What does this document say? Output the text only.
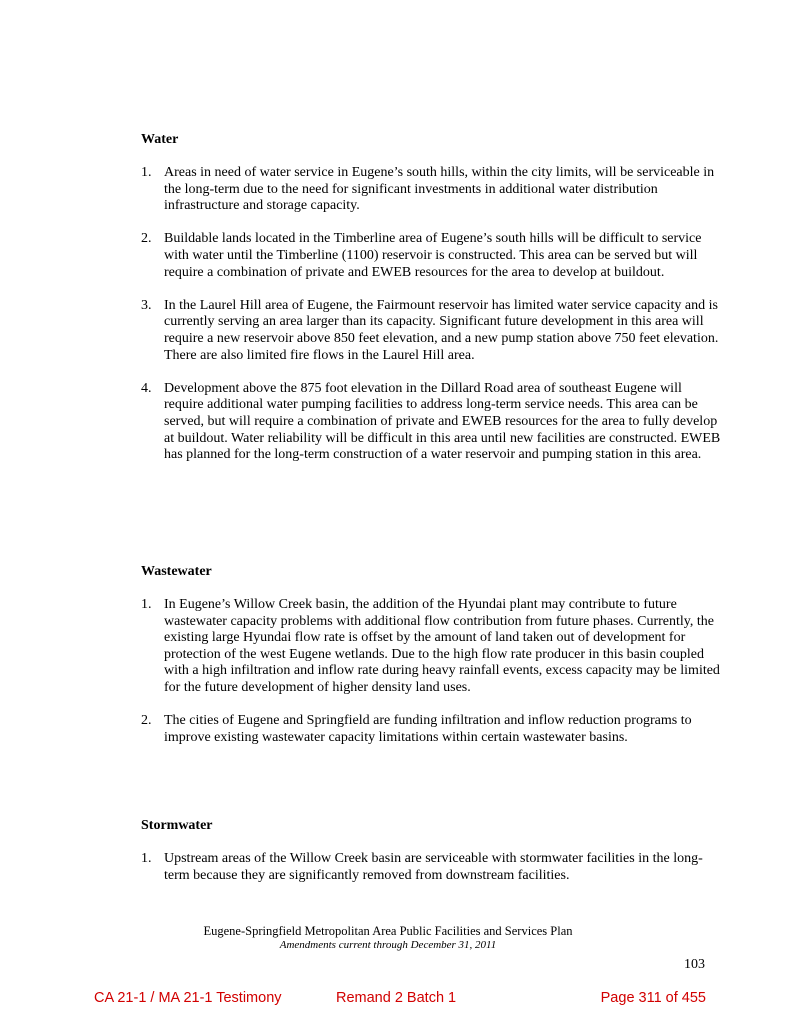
Water
1. Areas in need of water service in Eugene’s south hills, within the city limits, will be serviceable in the long-term due to the need for significant investments in additional water distribution infrastructure and storage capacity.
2. Buildable lands located in the Timberline area of Eugene’s south hills will be difficult to service with water until the Timberline (1100) reservoir is constructed. This area can be served but will require a combination of private and EWEB resources for the area to develop at buildout.
3. In the Laurel Hill area of Eugene, the Fairmount reservoir has limited water service capacity and is currently serving an area larger than its capacity. Significant future development in this area will require a new reservoir above 850 feet elevation, and a new pump station above 750 feet elevation. There are also limited fire flows in the Laurel Hill area.
4. Development above the 875 foot elevation in the Dillard Road area of southeast Eugene will require additional water pumping facilities to address long-term service needs. This area can be served, but will require a combination of private and EWEB resources for the area to fully develop at buildout. Water reliability will be difficult in this area until new facilities are constructed. EWEB has planned for the long-term construction of a water reservoir and pumping station in this area.
Wastewater
1. In Eugene’s Willow Creek basin, the addition of the Hyundai plant may contribute to future wastewater capacity problems with additional flow contribution from future phases. Currently, the existing large Hyundai flow rate is offset by the amount of land taken out of development for protection of the west Eugene wetlands. Due to the high flow rate producer in this basin coupled with a high infiltration and inflow rate during heavy rainfall events, excess capacity may be limited for the future development of higher density land uses.
2. The cities of Eugene and Springfield are funding infiltration and inflow reduction programs to improve existing wastewater capacity limitations within certain wastewater basins.
Stormwater
1. Upstream areas of the Willow Creek basin are serviceable with stormwater facilities in the long-term because they are significantly removed from downstream facilities.
Eugene-Springfield Metropolitan Area Public Facilities and Services Plan
Amendments current through December 31, 2011
103
CA 21-1 / MA 21-1 Testimony	Remand 2 Batch 1	Page 311 of 455
